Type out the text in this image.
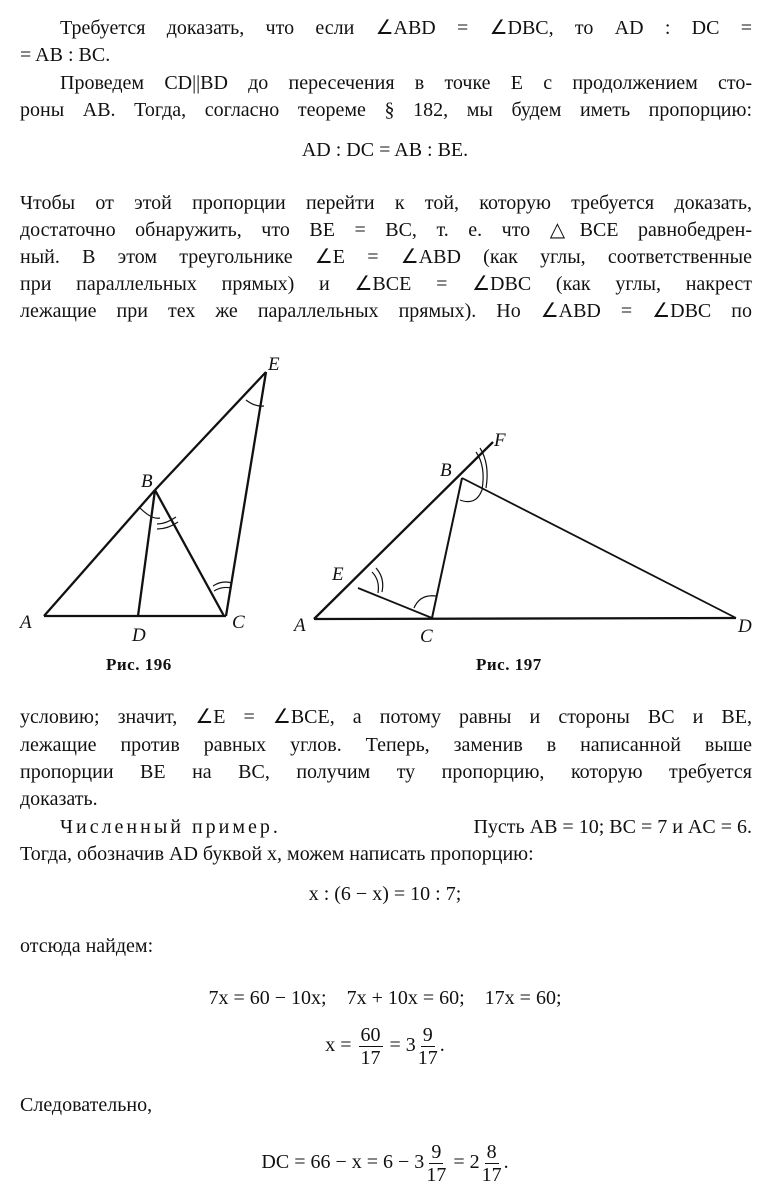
Требуется доказать, что если ∠ABD = ∠DBC, то AD : DC =
= AB : BC.
Проведем CD||BD до пересечения в точке E с продолжением сто-
роны AB. Тогда, согласно теореме § 182, мы будем иметь пропорцию:
AD : DC = AB : BE.
Чтобы от этой пропорции перейти к той, которую требуется доказать,
достаточно обнаружить, что BE = BC, т. е. что △BCE равнобедрен-
ный. В этом треугольнике ∠E = ∠ABD (как углы, соответственные
при параллельных прямых) и ∠BCE = ∠DBC (как углы, накрест
лежащие при тех же параллельных прямых). Но ∠ABD = ∠DBC по
A
B
C
D
E
Рис. 196
A
B
C	D
E
F
Рис. 197
условию; значит, ∠E = ∠BCE, а потому равны и стороны BC и BE,
лежащие против равных углов. Теперь, заменив в написанной выше
пропорции BE на BC, получим ту пропорцию, которую требуется
доказать.
Численный пример.	Пусть AB = 10; BC = 7 и AC = 6.
Тогда, обозначив AD буквой x, можем написать пропорцию:
x : (6 − x) = 10 : 7;
отсюда найдем:
7x = 60 − 10x;    7x + 10x = 60;    17x = 60;
$x = \frac{60}{17} = 3 \frac{9}{17}$ .
Следовательно,
DC = $66 - x = 6 - 3 \frac{9}{17} = 2 \frac{8}{17}$ .
